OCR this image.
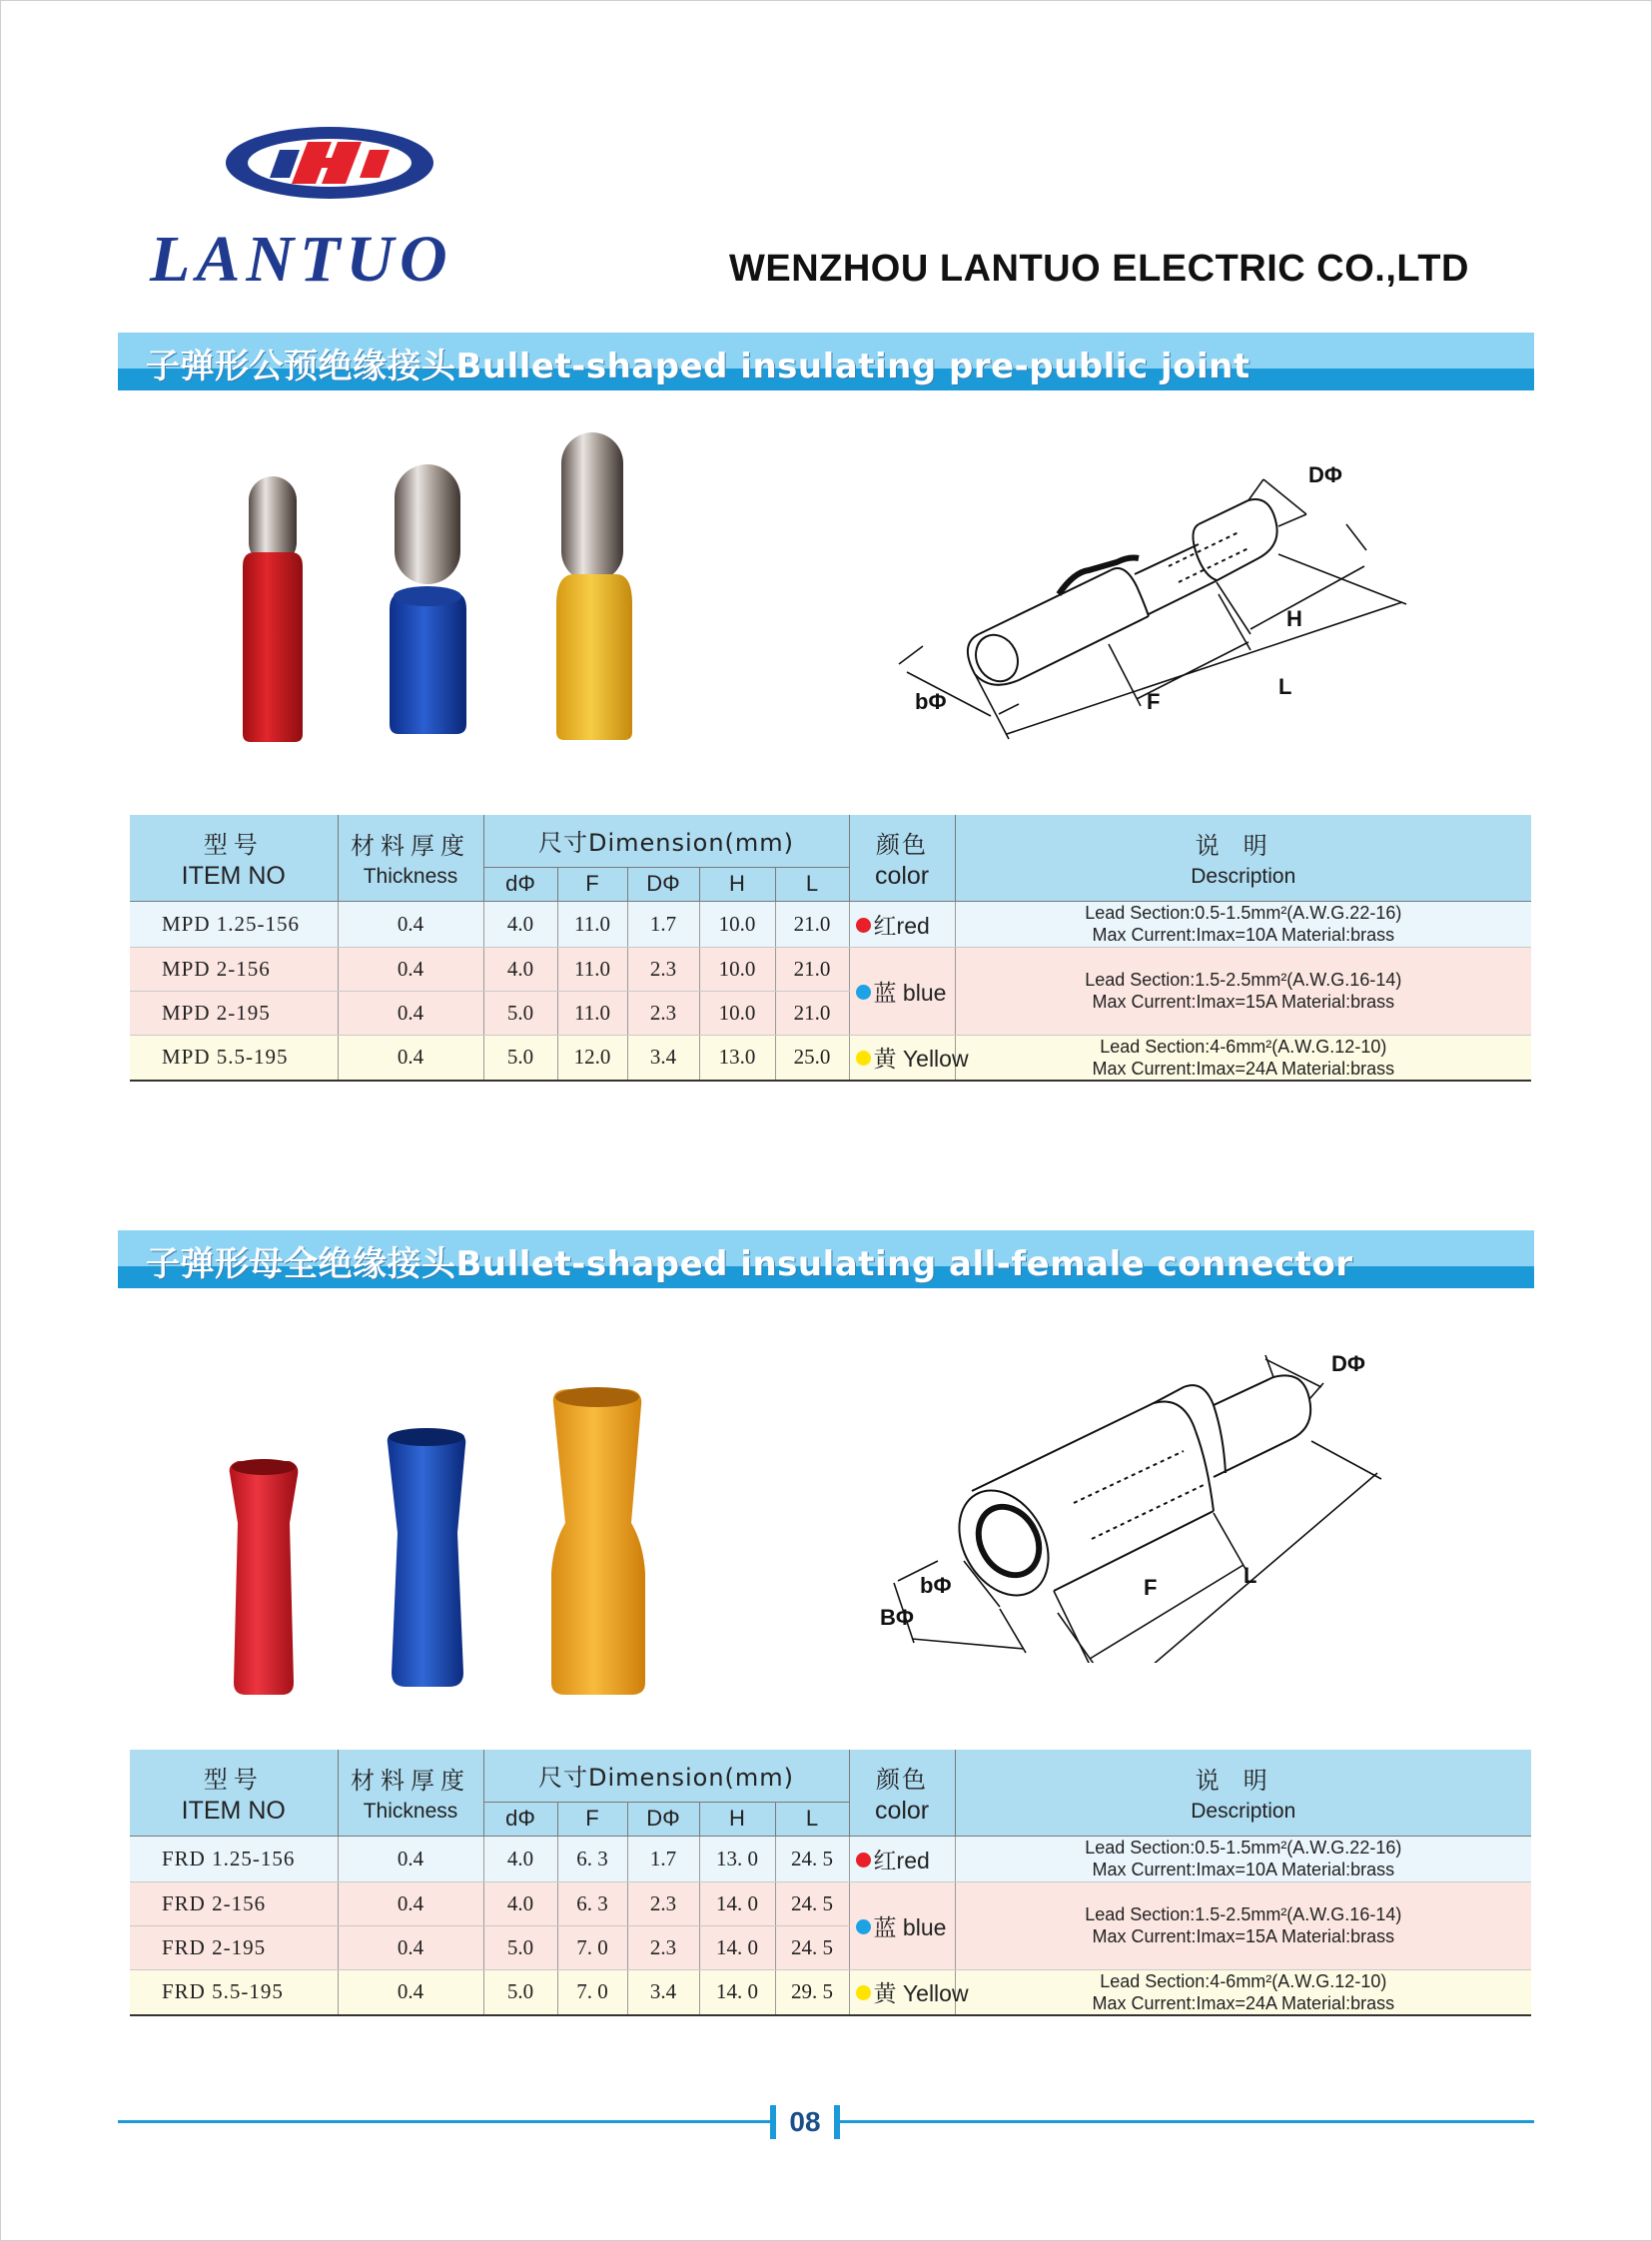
LANTUO	WENZHOU LANTUO ELECTRIC CO.,LTD
子弹形公预绝缘接头Bullet-shaped insulating pre-public joint
DΦ
H
F
L
bΦ
型号
ITEM NO	材料厚度
Thickness	尺寸Dimension(mm)					颜色
color	说明
Description

		dΦ	F	DΦ	H	L		
MPD 1.25-156	0.4	4.0	11.0	1.7	10.0	21.0	红red	Lead Section:0.5-1.5mm²(A.W.G.22-16)
Max Current:Imax=10A Material:brass

MPD 2-156	0.4	4.0	11.0	2.3	10.0	21.0	蓝 blue	Lead Section:1.5-2.5mm²(A.W.G.16-14)
Max Current:Imax=15A Material:brass

MPD 2-195	0.4	5.0	11.0	2.3	10.0	21.0		
MPD 5.5-195	0.4	5.0	12.0	3.4	13.0	25.0	黄 Yellow	Lead Section:4-6mm²(A.W.G.12-10)
Max Current:Imax=24A Material:brass
子弹形母全绝缘接头Bullet-shaped insulating all-female connector
DΦ
F	L
bΦ
BΦ
型号
ITEM NO	材料厚度
Thickness	尺寸Dimension(mm)					颜色
color	说明
Description

		dΦ	F	DΦ	H	L		
FRD 1.25-156	0.4	4.0	6. 3	1.7	13. 0	24. 5	红red	Lead Section:0.5-1.5mm²(A.W.G.22-16)
Max Current:Imax=10A Material:brass

FRD 2-156	0.4	4.0	6. 3	2.3	14. 0	24. 5	蓝 blue	Lead Section:1.5-2.5mm²(A.W.G.16-14)
Max Current:Imax=15A Material:brass

FRD 2-195	0.4	5.0	7. 0	2.3	14. 0	24. 5		
FRD 5.5-195	0.4	5.0	7. 0	3.4	14. 0	29. 5	黄 Yellow	Lead Section:4-6mm²(A.W.G.12-10)
Max Current:Imax=24A Material:brass
08
